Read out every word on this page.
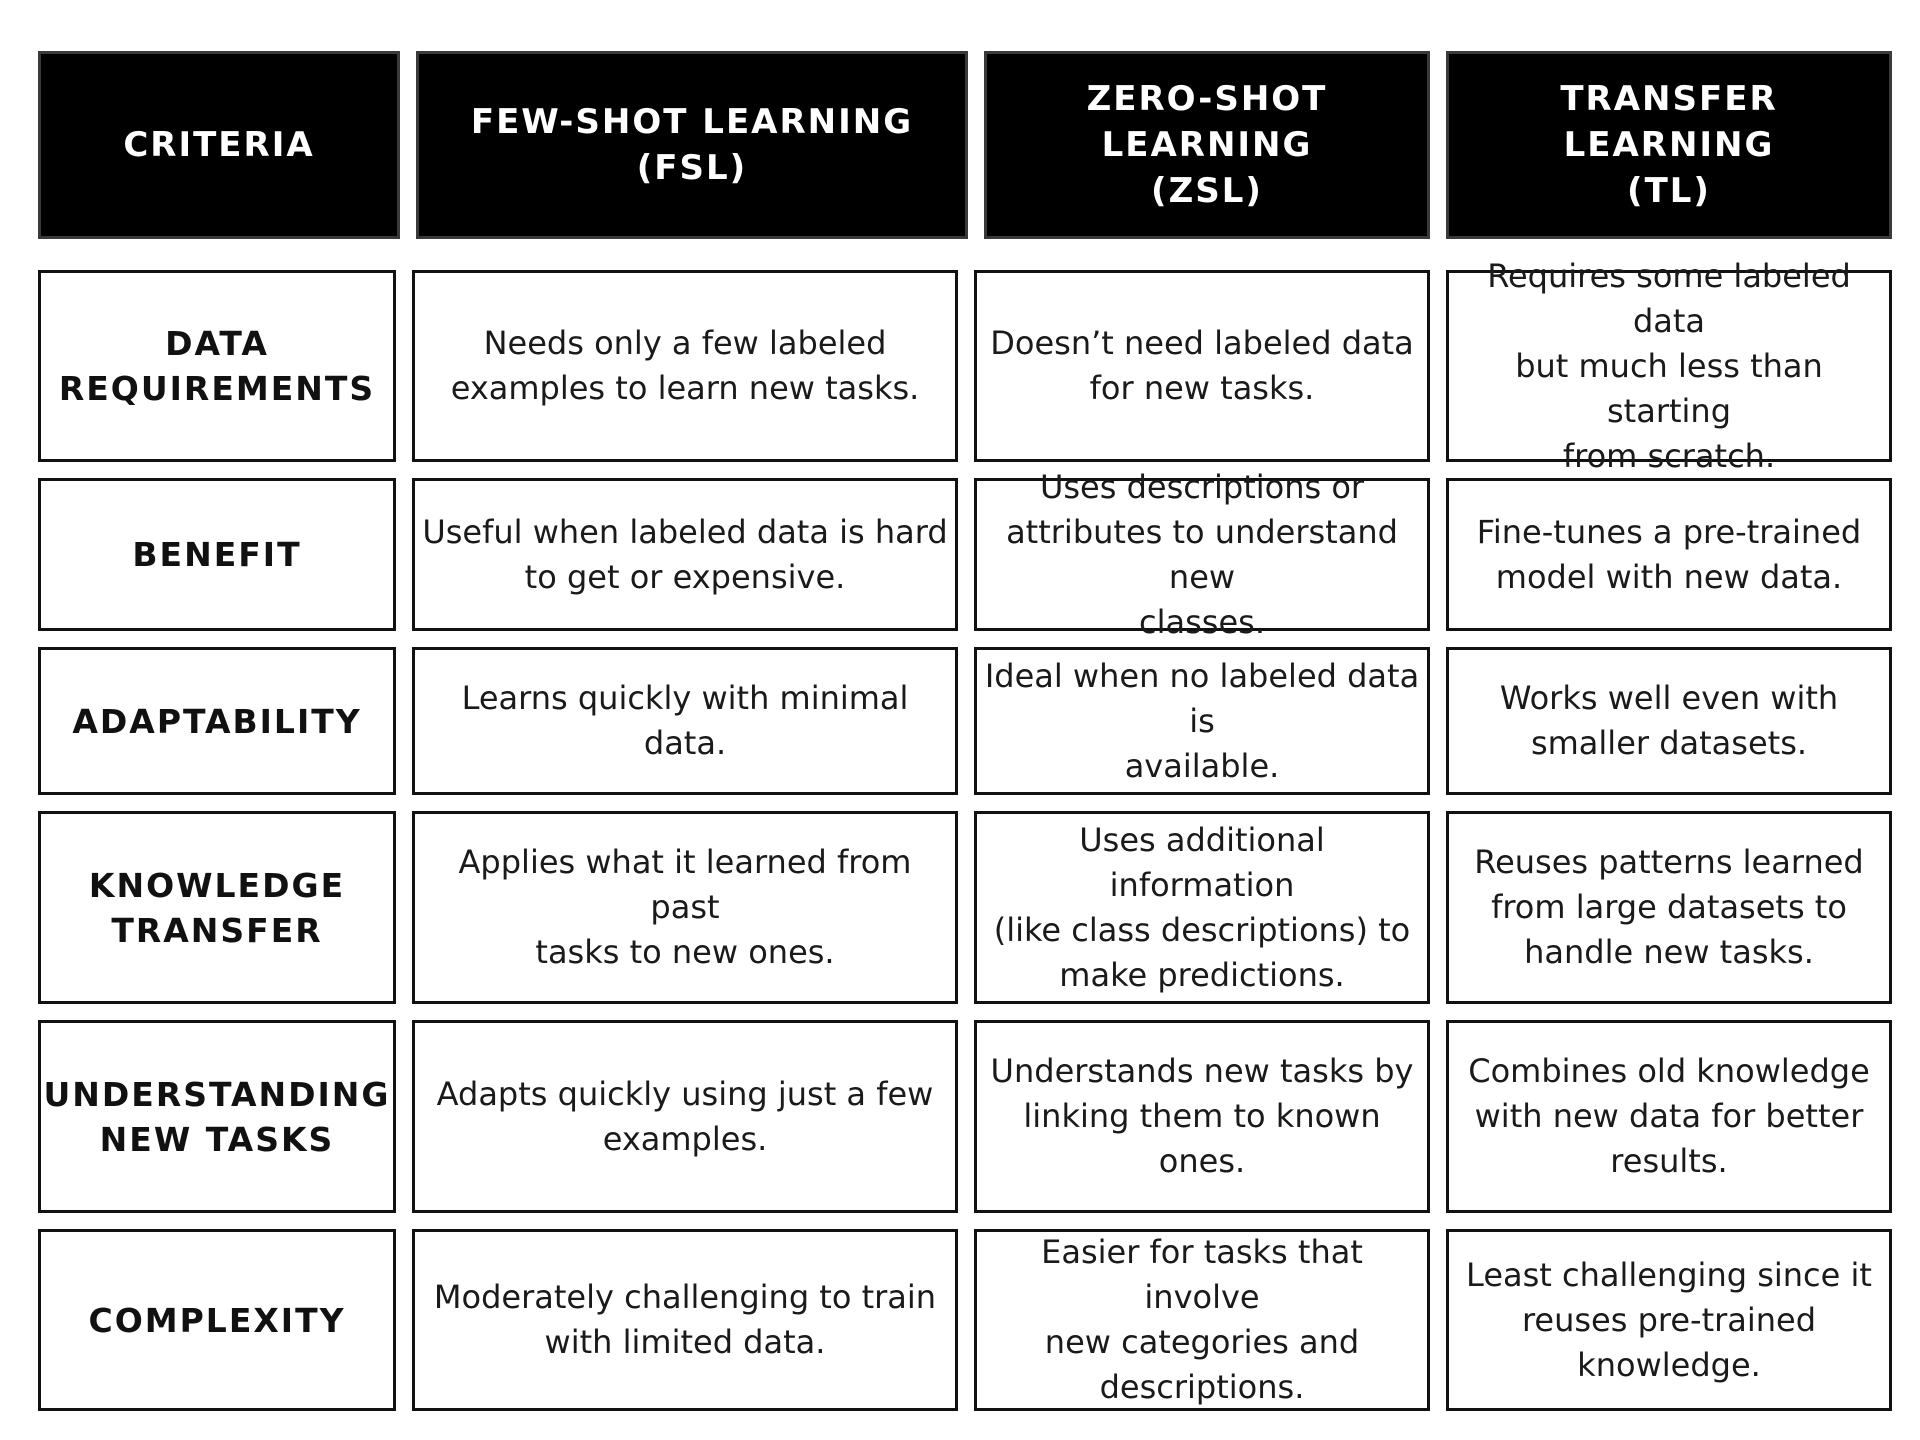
CRITERIA
FEW-SHOT LEARNING
(FSL)
ZERO-SHOT LEARNING
(ZSL)
TRANSFER LEARNING
(TL)
DATA
REQUIREMENTS
Needs only a few labeled
examples to learn new tasks.
Doesn’t need labeled data
for new tasks.
Requires some labeled data
but much less than starting
from scratch.
BENEFIT
Useful when labeled data is hard
to get or expensive.
Uses descriptions or
attributes to understand new
classes.
Fine-tunes a pre-trained
model with new data.
ADAPTABILITY
Learns quickly with minimal data.
Ideal when no labeled data is
available.
Works well even with
smaller datasets.
KNOWLEDGE
TRANSFER
Applies what it learned from past
tasks to new ones.
Uses additional information
(like class descriptions) to
make predictions.
Reuses patterns learned
from large datasets to
handle new tasks.
UNDERSTANDING
NEW TASKS
Adapts quickly using just a few
examples.
Understands new tasks by
linking them to known ones.
Combines old knowledge
with new data for better
results.
COMPLEXITY
Moderately challenging to train
with limited data.
Easier for tasks that involve
new categories and
descriptions.
Least challenging since it
reuses pre-trained
knowledge.
